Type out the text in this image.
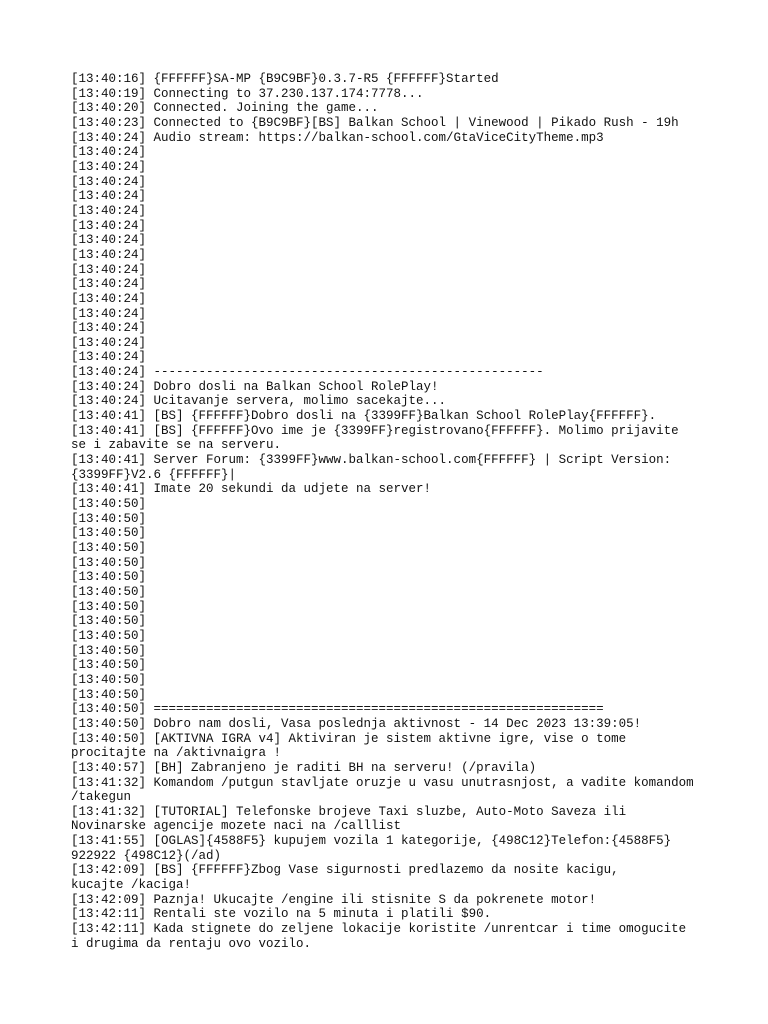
[13:40:16] {FFFFFF}SA-MP {B9C9BF}0.3.7-R5 {FFFFFF}Started
[13:40:19] Connecting to 37.230.137.174:7778...
[13:40:20] Connected. Joining the game...
[13:40:23] Connected to {B9C9BF}[BS] Balkan School | Vinewood | Pikado Rush - 19h
[13:40:24] Audio stream: https://balkan-school.com/GtaViceCityTheme.mp3
[13:40:24]
[13:40:24]
[13:40:24]
[13:40:24]
[13:40:24]
[13:40:24]
[13:40:24]
[13:40:24]
[13:40:24]
[13:40:24]
[13:40:24]
[13:40:24]
[13:40:24]
[13:40:24]
[13:40:24]
[13:40:24] ----------------------------------------------------
[13:40:24] Dobro dosli na Balkan School RolePlay!
[13:40:24] Ucitavanje servera, molimo sacekajte...
[13:40:41] [BS] {FFFFFF}Dobro dosli na {3399FF}Balkan School RolePlay{FFFFFF}.
[13:40:41] [BS] {FFFFFF}Ovo ime je {3399FF}registrovano{FFFFFF}. Molimo prijavite
se i zabavite se na serveru.
[13:40:41] Server Forum: {3399FF}www.balkan-school.com{FFFFFF} | Script Version:
{3399FF}V2.6 {FFFFFF}|
[13:40:41] Imate 20 sekundi da udjete na server!
[13:40:50]
[13:40:50]
[13:40:50]
[13:40:50]
[13:40:50]
[13:40:50]
[13:40:50]
[13:40:50]
[13:40:50]
[13:40:50]
[13:40:50]
[13:40:50]
[13:40:50]
[13:40:50]
[13:40:50] ============================================================
[13:40:50] Dobro nam dosli, Vasa poslednja aktivnost - 14 Dec 2023 13:39:05!
[13:40:50] [AKTIVNA IGRA v4] Aktiviran je sistem aktivne igre, vise o tome
procitajte na /aktivnaigra !
[13:40:57] [BH] Zabranjeno je raditi BH na serveru! (/pravila)
[13:41:32] Komandom /putgun stavljate oruzje u vasu unutrasnjost, a vadite komandom
/takegun
[13:41:32] [TUTORIAL] Telefonske brojeve Taxi sluzbe, Auto-Moto Saveza ili
Novinarske agencije mozete naci na /calllist
[13:41:55] [OGLAS]{4588F5} kupujem vozila 1 kategorije, {498C12}Telefon:{4588F5}
922922 {498C12}(/ad)
[13:42:09] [BS] {FFFFFF}Zbog Vase sigurnosti predlazemo da nosite kacigu,
kucajte /kaciga!
[13:42:09] Paznja! Ukucajte /engine ili stisnite S da pokrenete motor!
[13:42:11] Rentali ste vozilo na 5 minuta i platili $90.
[13:42:11] Kada stignete do zeljene lokacije koristite /unrentcar i time omogucite
i drugima da rentaju ovo vozilo.
